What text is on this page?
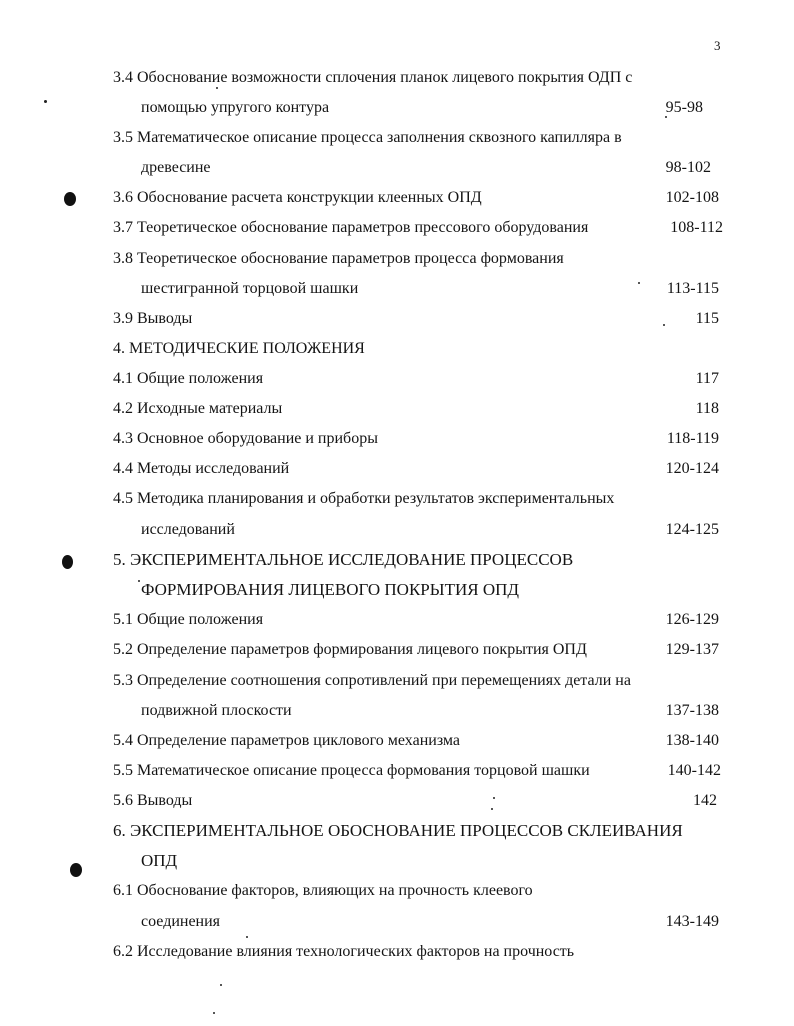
3
3.4 Обоснование возможности сплочения планок лицевого покрытия ОДП с
помощью упругого контура	95-98
3.5 Математическое описание процесса заполнения сквозного капилляра в
древесине	98-102
3.6 Обоснование расчета конструкции клеенных ОПД	102-108
3.7 Теоретическое обоснование параметров прессового оборудования	108-112
3.8 Теоретическое обоснование параметров процесса формования
шестигранной торцовой шашки	113-115
3.9 Выводы	115
4. МЕТОДИЧЕСКИЕ ПОЛОЖЕНИЯ
4.1 Общие положения	117
4.2 Исходные материалы	118
4.3 Основное оборудование и приборы	118-119
4.4 Методы исследований	120-124
4.5 Методика планирования и обработки результатов экспериментальных
исследований	124-125
5. ЭКСПЕРИМЕНТАЛЬНОЕ ИССЛЕДОВАНИЕ ПРОЦЕССОВ
ФОРМИРОВАНИЯ ЛИЦЕВОГО ПОКРЫТИЯ ОПД
5.1 Общие положения	126-129
5.2 Определение параметров формирования лицевого покрытия ОПД	129-137
5.3 Определение соотношения сопротивлений при перемещениях детали на
подвижной плоскости	137-138
5.4 Определение параметров циклового механизма	138-140
5.5 Математическое описание процесса формования торцовой шашки	140-142
5.6 Выводы	142
6. ЭКСПЕРИМЕНТАЛЬНОЕ ОБОСНОВАНИЕ ПРОЦЕССОВ СКЛЕИВАНИЯ
ОПД
6.1 Обоснование факторов, влияющих на прочность клеевого
соединения	143-149
6.2 Исследование влияния технологических факторов на прочность
